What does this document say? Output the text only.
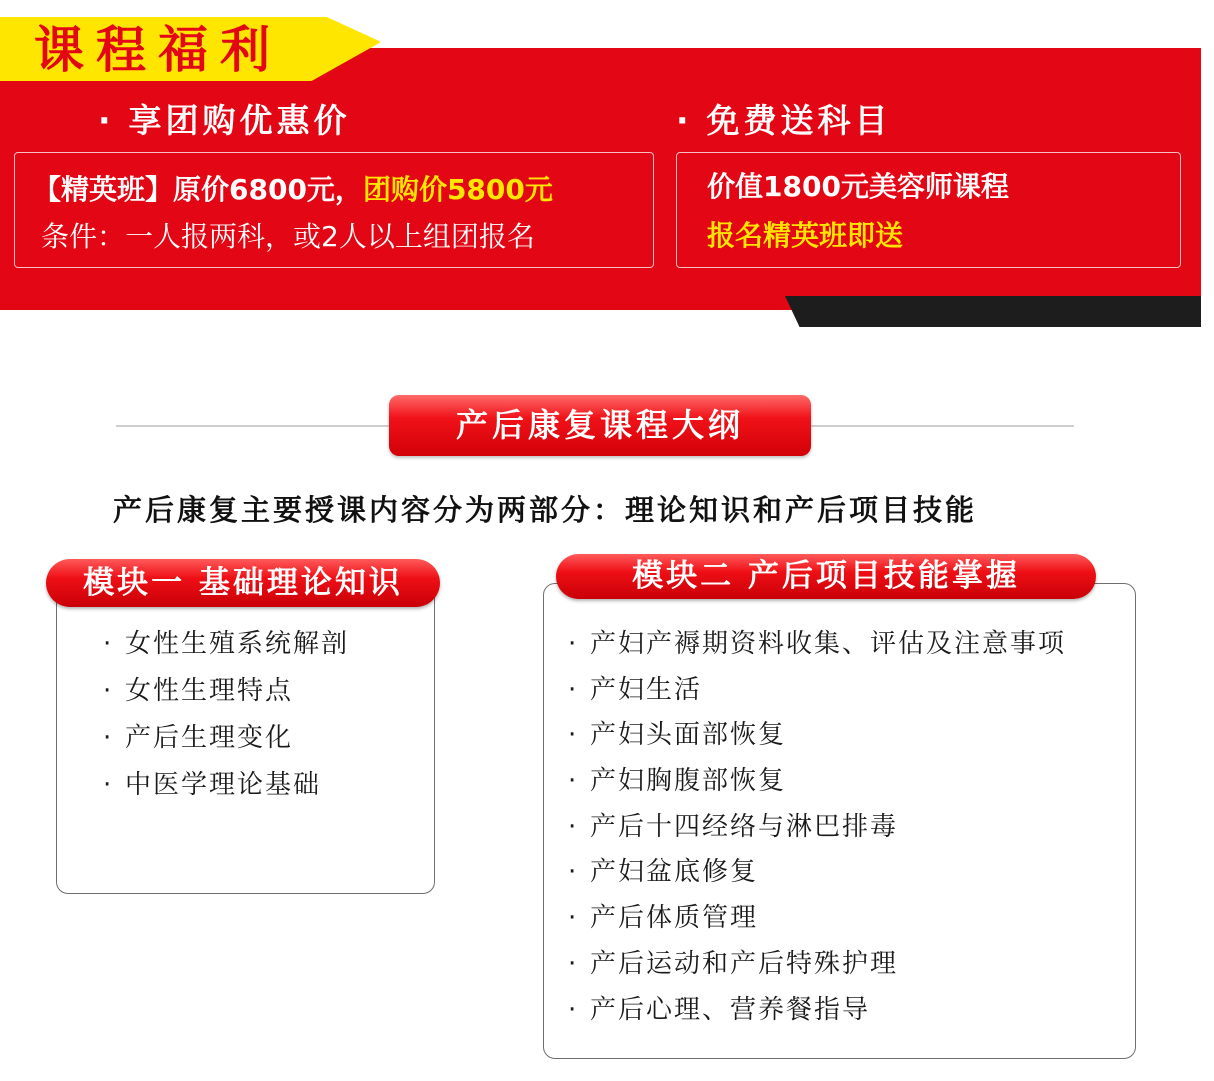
课程福利
· 享团购优惠价
【精英班】原价6800元，团购价5800元
条件：一人报两科，或2人以上组团报名
· 免费送科目
价值1800元美容师课程
报名精英班即送
产后康复课程大纲
产后康复主要授课内容分为两部分：理论知识和产后项目技能
· 女性生殖系统解剖
· 女性生理特点
· 产后生理变化
· 中医学理论基础
模块一 基础理论知识
· 产妇产褥期资料收集、评估及注意事项
· 产妇生活
· 产妇头面部恢复
· 产妇胸腹部恢复
· 产后十四经络与淋巴排毒
· 产妇盆底修复
· 产后体质管理
· 产后运动和产后特殊护理
· 产后心理、营养餐指导
模块二 产后项目技能掌握
